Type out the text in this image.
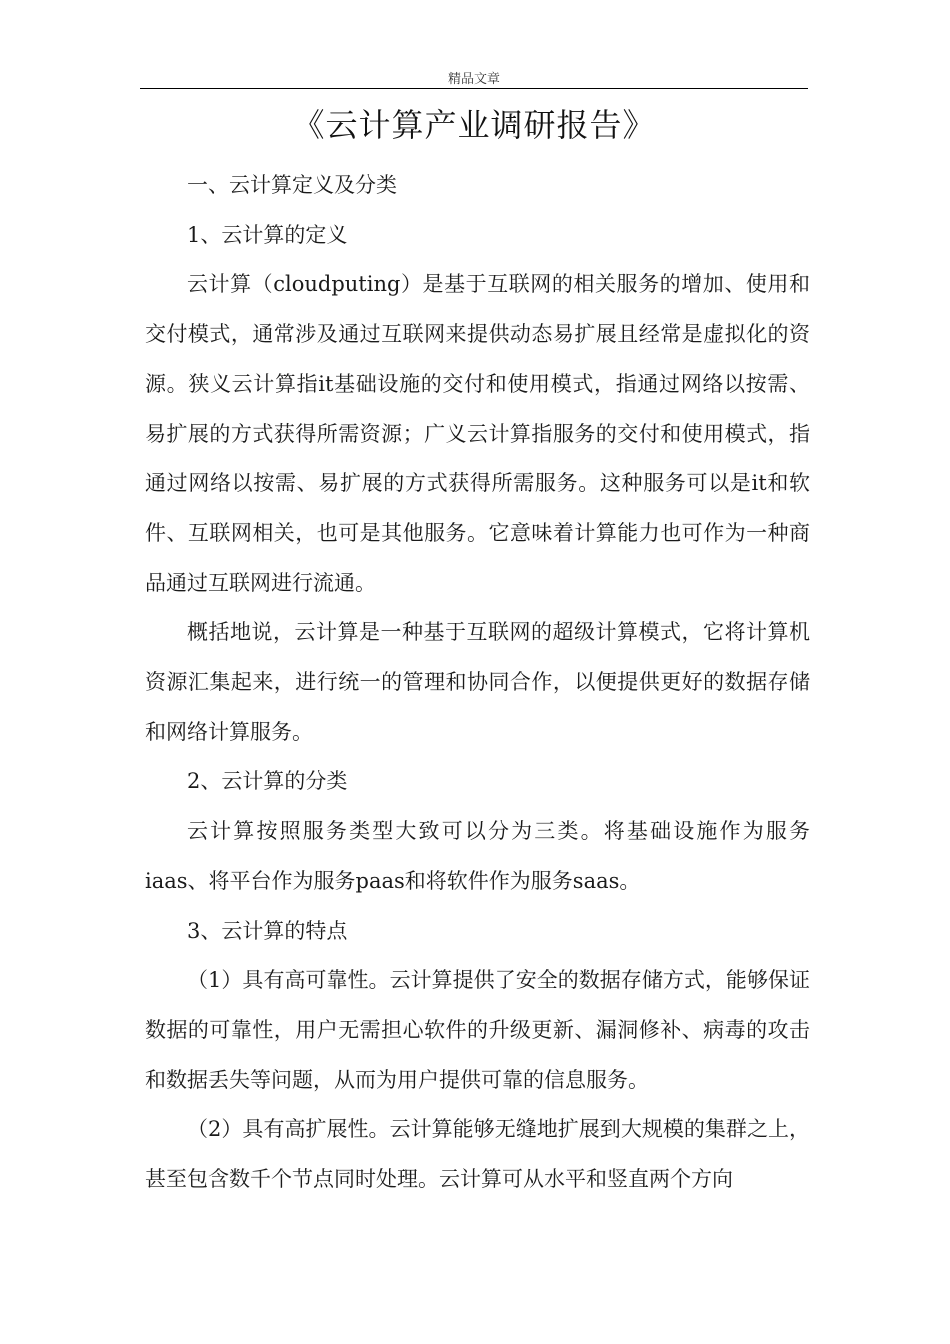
精品文章
《云计算产业调研报告》

一、云计算定义及分类

1、云计算的定义

云计算（cloudputing）是基于互联网的相关服务的增加、使用和交付模式，通常涉及通过互联网来提供动态易扩展且经常是虚拟化的资源。狭义云计算指it基础设施的交付和使用模式，指通过网络以按需、易扩展的方式获得所需资源；广义云计算指服务的交付和使用模式，指通过网络以按需、易扩展的方式获得所需服务。这种服务可以是it和软件、互联网相关，也可是其他服务。它意味着计算能力也可作为一种商品通过互联网进行流通。

概括地说，云计算是一种基于互联网的超级计算模式，它将计算机资源汇集起来，进行统一的管理和协同合作，以便提供更好的数据存储和网络计算服务。

2、云计算的分类

云计算按照服务类型大致可以分为三类。将基础设施作为服务iaas、将平台作为服务paas和将软件作为服务saas。

3、云计算的特点

（1）具有高可靠性。云计算提供了安全的数据存储方式，能够保证数据的可靠性，用户无需担心软件的升级更新、漏洞修补、病毒的攻击和数据丢失等问题，从而为用户提供可靠的信息服务。

（2）具有高扩展性。云计算能够无缝地扩展到大规模的集群之上，甚至包含数千个节点同时处理。云计算可从水平和竖直两个方向
